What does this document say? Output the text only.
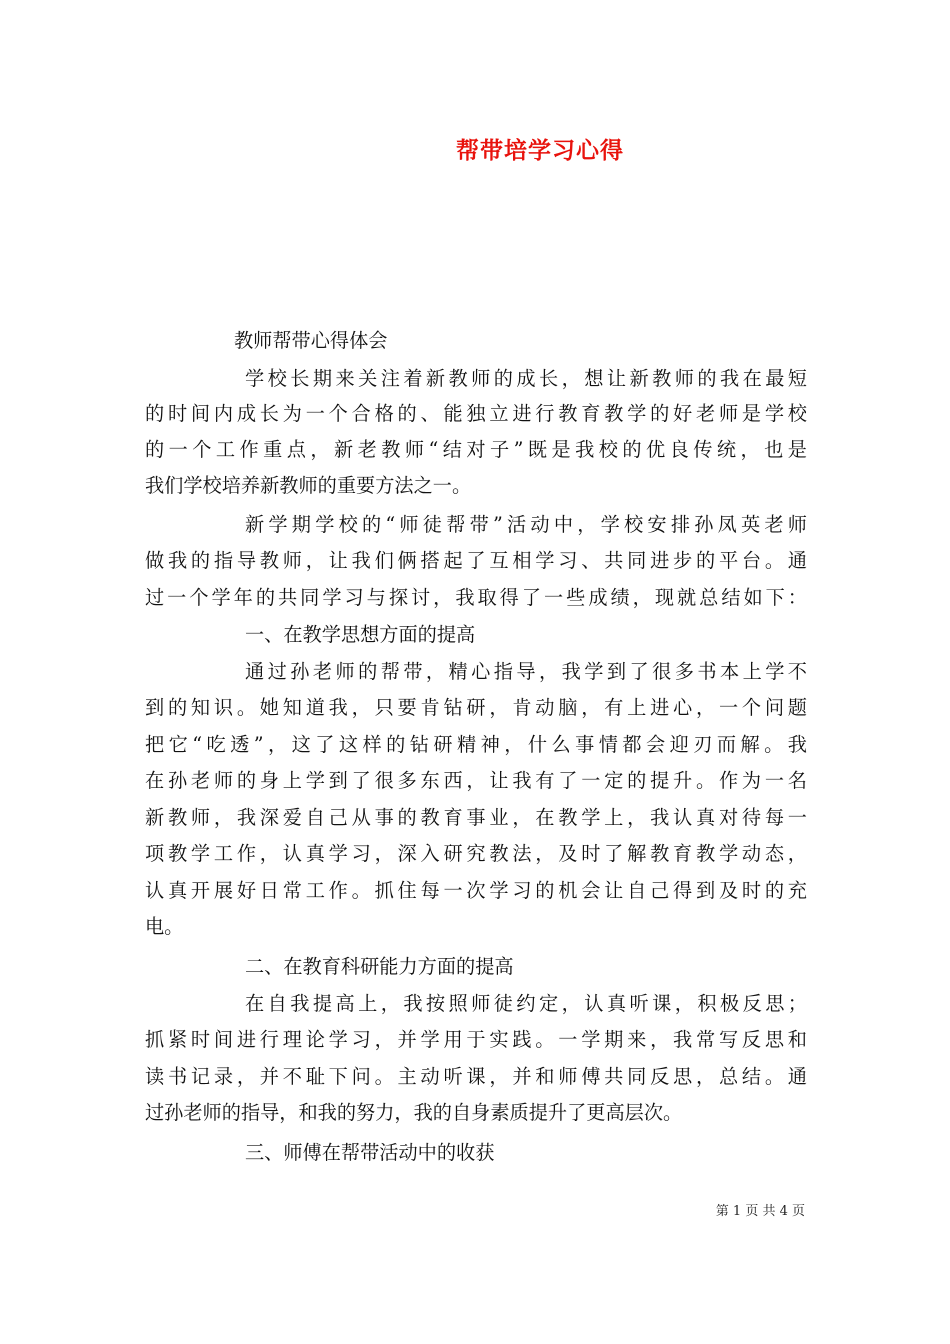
帮带培学习心得
教师帮带心得体会
学校长期来关注着新教师的成长，想让新教师的我在最短
的时间内成长为一个合格的、能独立进行教育教学的好老师是学校
的一个工作重点，新老教师“结对子”既是我校的优良传统，也是
我们学校培养新教师的重要方法之一。
新学期学校的“师徒帮带”活动中，学校安排孙凤英老师
做我的指导教师，让我们俩搭起了互相学习、共同进步的平台。通
过一个学年的共同学习与探讨，我取得了一些成绩，现就总结如下：
一、在教学思想方面的提高
通过孙老师的帮带，精心指导，我学到了很多书本上学不
到的知识。她知道我，只要肯钻研，肯动脑，有上进心，一个问题
把它“吃透”，这了这样的钻研精神，什么事情都会迎刃而解。我
在孙老师的身上学到了很多东西，让我有了一定的提升。作为一名
新教师，我深爱自己从事的教育事业，在教学上，我认真对待每一
项教学工作，认真学习，深入研究教法，及时了解教育教学动态，
认真开展好日常工作。抓住每一次学习的机会让自己得到及时的充
电。
二、在教育科研能力方面的提高
在自我提高上，我按照师徒约定，认真听课，积极反思；
抓紧时间进行理论学习，并学用于实践。一学期来，我常写反思和
读书记录，并不耻下问。主动听课，并和师傅共同反思，总结。通
过孙老师的指导，和我的努力，我的自身素质提升了更高层次。
三、师傅在帮带活动中的收获
第 1 页 共 4 页
